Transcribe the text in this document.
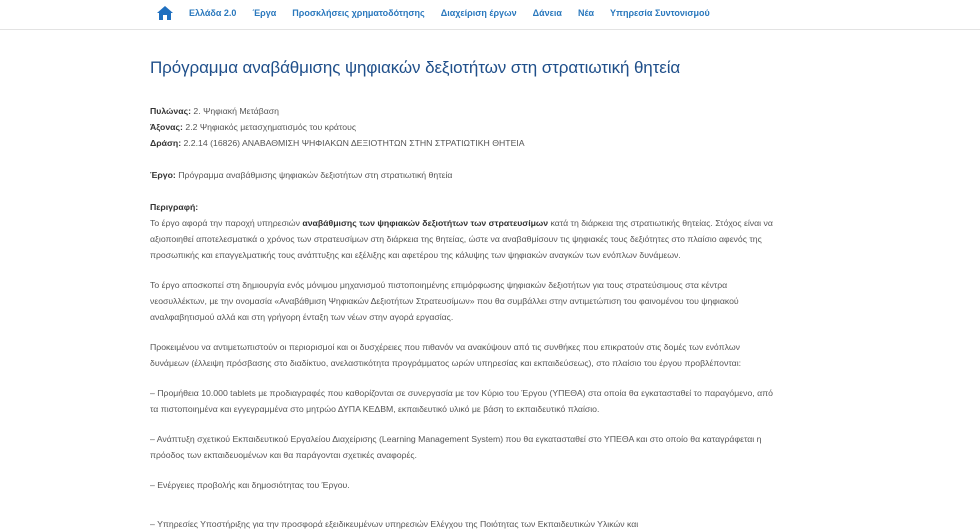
Ελλάδα 2.0 Έργα Προσκλήσεις χρηματοδότησης Διαχείριση έργων Δάνεια Νέα Υπηρεσία Συντονισμού
Πρόγραμμα αναβάθμισης ψηφιακών δεξιοτήτων στη στρατιωτική θητεία
Πυλώνας: 2. Ψηφιακή Μετάβαση
Άξονας: 2.2 Ψηφιακός μετασχηματισμός του κράτους
Δράση: 2.2.14 (16826) ΑΝΑΒΑΘΜΙΣΗ ΨΗΦΙΑΚΩΝ ΔΕΞΙΟΤΗΤΩΝ ΣΤΗΝ ΣΤΡΑΤΙΩΤΙΚΗ ΘΗΤΕΙΑ
Έργο: Πρόγραμμα αναβάθμισης ψηφιακών δεξιοτήτων στη στρατιωτική θητεία
Περιγραφή:
Το έργο αφορά την παροχή υπηρεσιών αναβάθμισης των ψηφιακών δεξιοτήτων των στρατευσίμων κατά τη διάρκεια της στρατιωτικής θητείας. Στόχος είναι να αξιοποιηθεί αποτελεσματικά ο χρόνος των στρατευσίμων στη διάρκεια της θητείας, ώστε να αναβαθμίσουν τις ψηφιακές τους δεξιότητες στο πλαίσιο αφενός της προσωπικής και επαγγελματικής τους ανάπτυξης και εξέλιξης και αφετέρου της κάλυψης των ψηφιακών αναγκών των ενόπλων δυνάμεων.
Το έργο αποσκοπεί στη δημιουργία ενός μόνιμου μηχανισμού πιστοποιημένης επιμόρφωσης ψηφιακών δεξιοτήτων για τους στρατεύσιμους στα κέντρα νεοσυλλέκτων, με την ονομασία «Αναβάθμιση Ψηφιακών Δεξιοτήτων Στρατευσίμων» που θα συμβάλλει στην αντιμετώπιση του φαινομένου του ψηφιακού αναλφαβητισμού αλλά και στη γρήγορη ένταξη των νέων στην αγορά εργασίας.
Προκειμένου να αντιμετωπιστούν οι περιορισμοί και οι δυσχέρειες που πιθανόν να ανακύψουν από τις συνθήκες που επικρατούν στις δομές των ενόπλων δυνάμεων (έλλειψη πρόσβασης στο διαδίκτυο, ανελαστικότητα προγράμματος ωρών υπηρεσίας και εκπαιδεύσεως), στο πλαίσιο του έργου προβλέπονται:
– Προμήθεια 10.000 tablets με προδιαγραφές που καθορίζονται σε συνεργασία με τον Κύριο του Έργου (ΥΠΕΘΑ) στα οποία θα εγκατασταθεί το παραγόμενο, από τα πιστοποιημένα και εγγεγραμμένα στο μητρώο ΔΥΠΑ ΚΕΔΒΜ, εκπαιδευτικό υλικό με βάση το εκπαιδευτικό πλαίσιο.
– Ανάπτυξη σχετικού Εκπαιδευτικού Εργαλείου Διαχείρισης (Learning Management System) που θα εγκατασταθεί στο ΥΠΕΘΑ και στο οποίο θα καταγράφεται η πρόοδος των εκπαιδευομένων και θα παράγονται σχετικές αναφορές.
– Ενέργειες προβολής και δημοσιότητας του Έργου.
– Υπηρεσίες Υποστήριξης για την προσφορά εξειδικευμένων υπηρεσιών Ελέγχου της Ποιότητας των Εκπαιδευτικών Υλικών και
